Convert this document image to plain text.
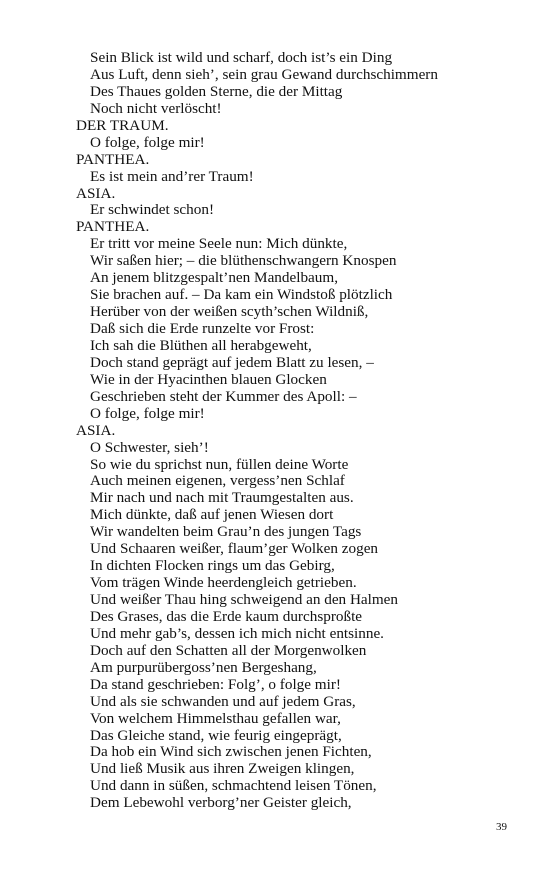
Sein Blick ist wild und scharf, doch ist’s ein Ding
Aus Luft, denn sieh’, sein grau Gewand durchschimmern
Des Thaues golden Sterne, die der Mittag
Noch nicht verlöscht!
DER TRAUM.
O folge, folge mir!
PANTHEA.
Es ist mein and’rer Traum!
ASIA.
Er schwindet schon!
PANTHEA.
Er tritt vor meine Seele nun: Mich dünkte,
Wir saßen hier; – die blüthenschwangern Knospen
An jenem blitzgespalt’nen Mandelbaum,
Sie brachen auf. – Da kam ein Windstoß plötzlich
Herüber von der weißen scyth’schen Wildniß,
Daß sich die Erde runzelte vor Frost:
Ich sah die Blüthen all herabgeweht,
Doch stand geprägt auf jedem Blatt zu lesen, –
Wie in der Hyacinthen blauen Glocken
Geschrieben steht der Kummer des Apoll: –
O folge, folge mir!
ASIA.
O Schwester, sieh’!
So wie du sprichst nun, füllen deine Worte
Auch meinen eigenen, vergess’nen Schlaf
Mir nach und nach mit Traumgestalten aus.
Mich dünkte, daß auf jenen Wiesen dort
Wir wandelten beim Grau’n des jungen Tags
Und Schaaren weißer, flaum’ger Wolken zogen
In dichten Flocken rings um das Gebirg,
Vom trägen Winde heerdengleich getrieben.
Und weißer Thau hing schweigend an den Halmen
Des Grases, das die Erde kaum durchsproßte
Und mehr gab’s, dessen ich mich nicht entsinne.
Doch auf den Schatten all der Morgenwolken
Am purpurübergoss’nen Bergeshang,
Da stand geschrieben: Folg’, o folge mir!
Und als sie schwanden und auf jedem Gras,
Von welchem Himmelsthau gefallen war,
Das Gleiche stand, wie feurig eingeprägt,
Da hob ein Wind sich zwischen jenen Fichten,
Und ließ Musik aus ihren Zweigen klingen,
Und dann in süßen, schmachtend leisen Tönen,
Dem Lebewohl verborg’ner Geister gleich,
39
